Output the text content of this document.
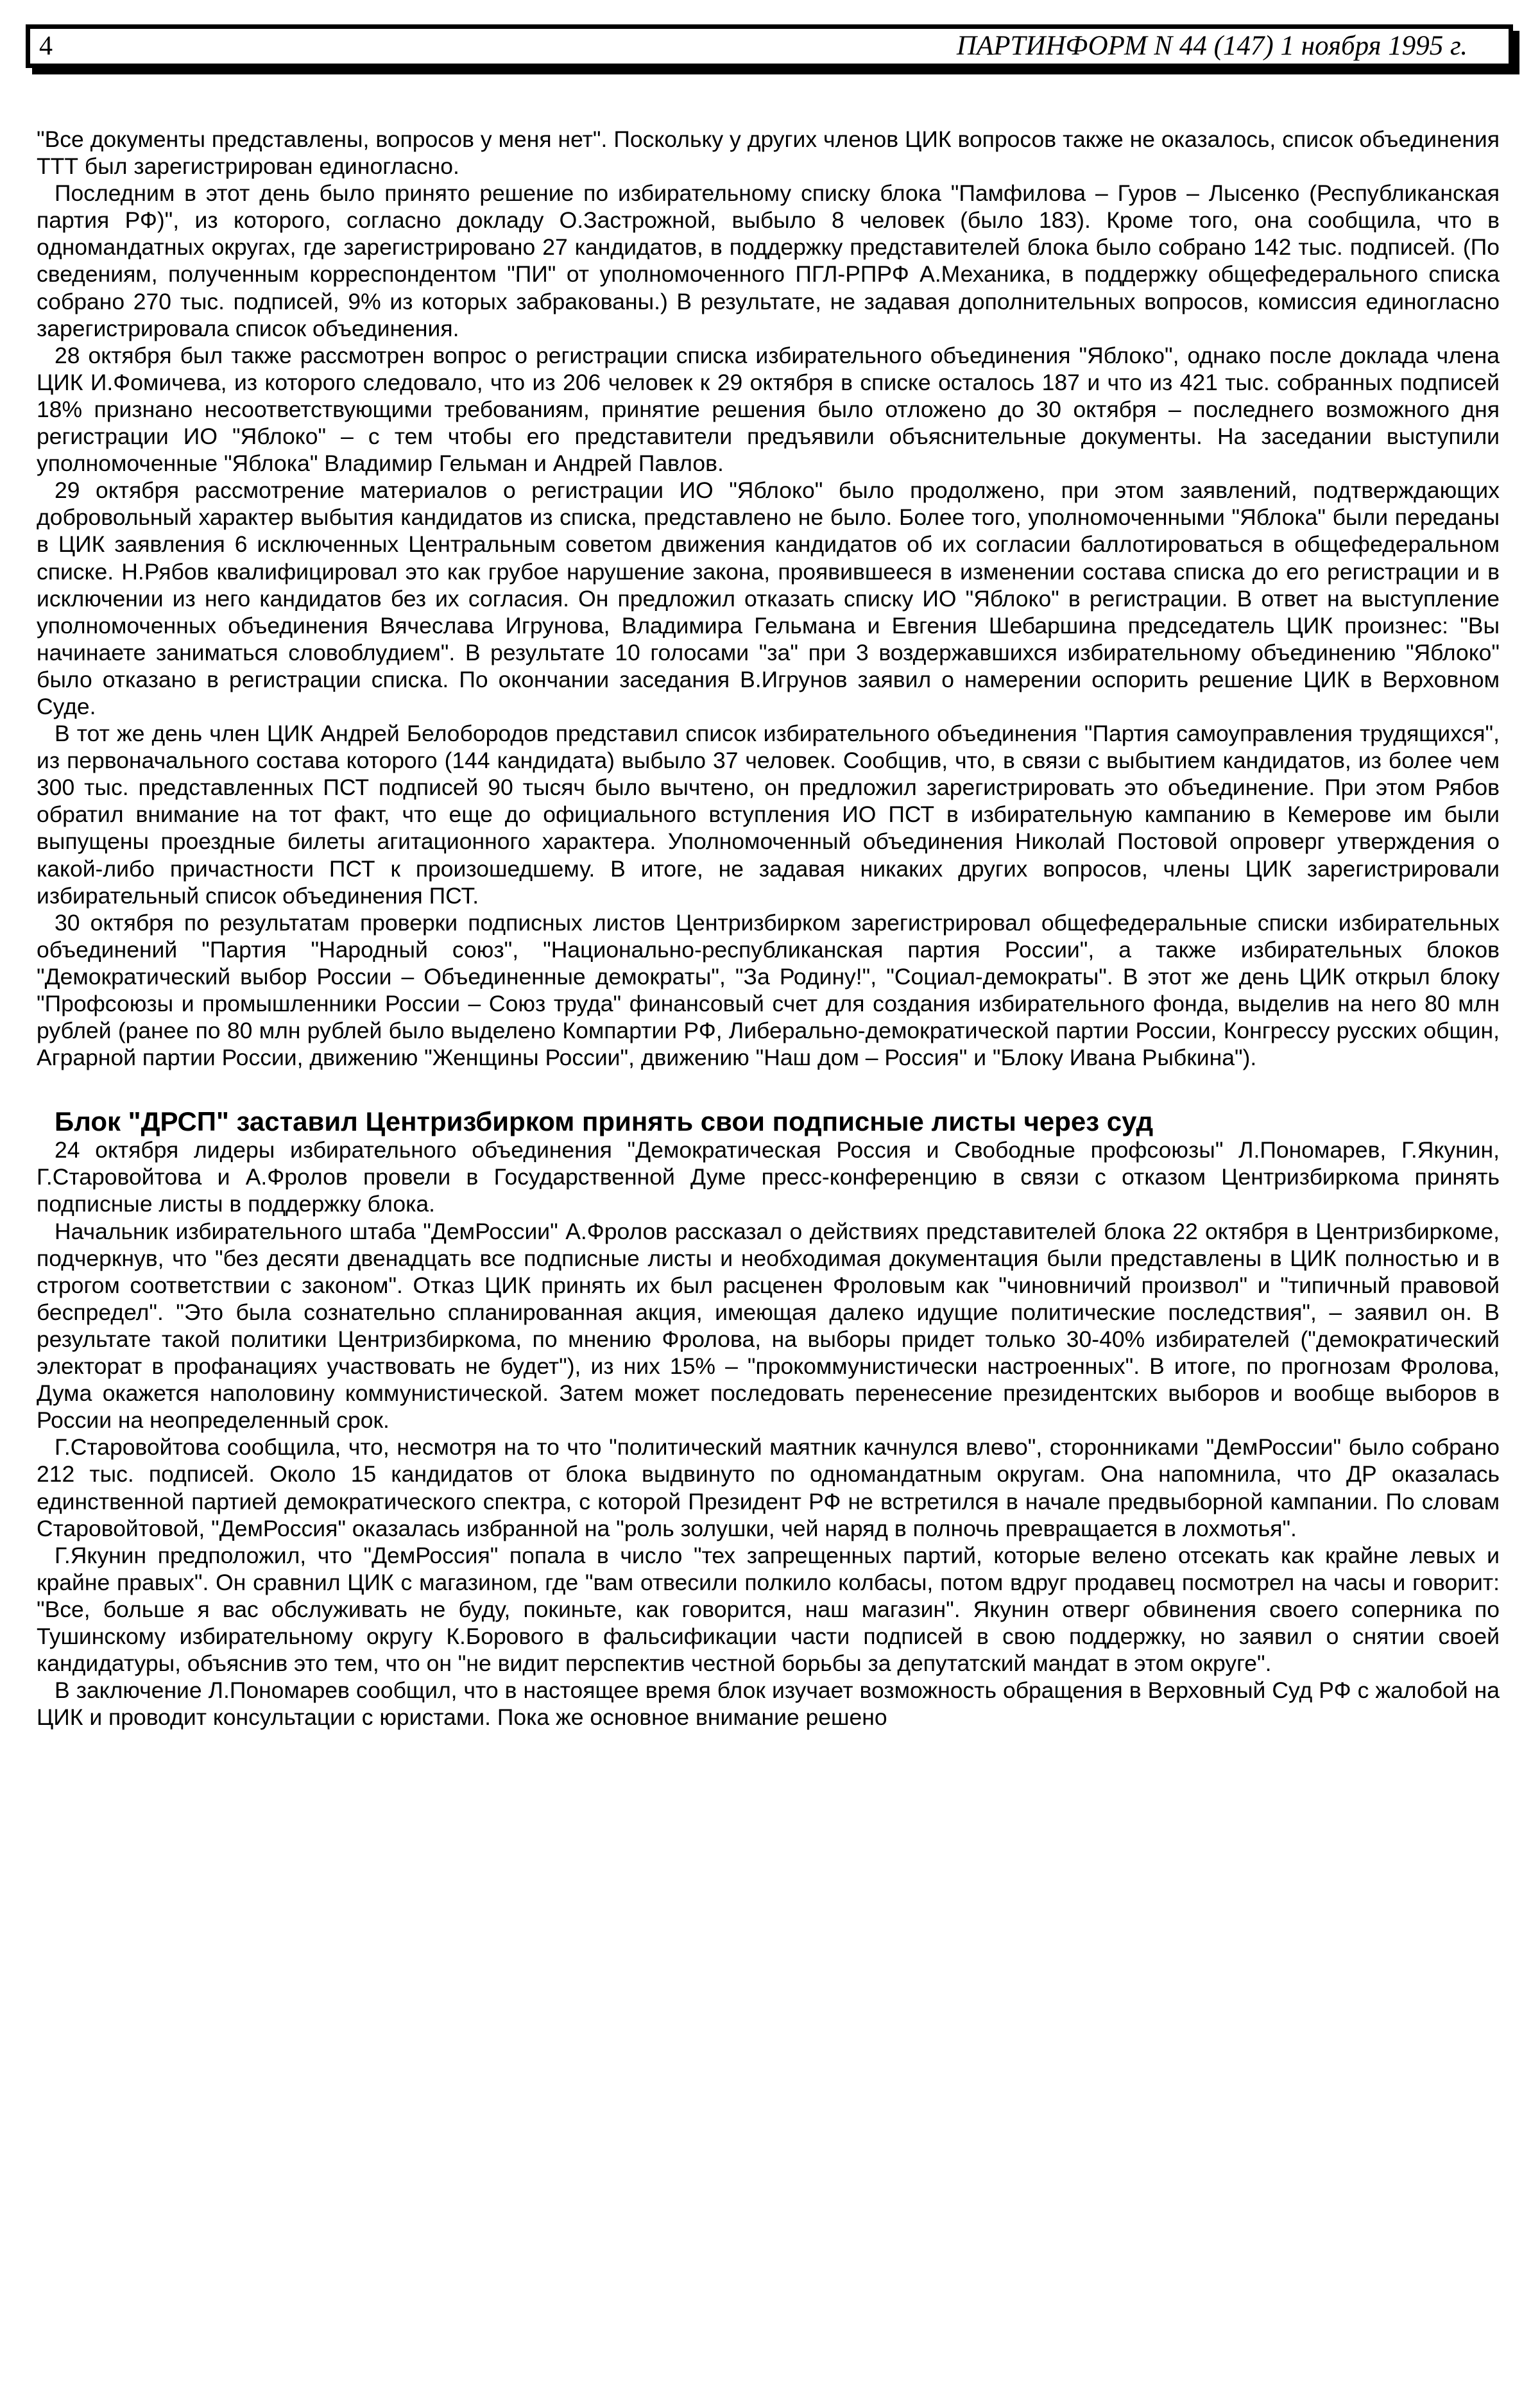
4	ПАРТИНФОРМ N 44 (147) 1 ноября 1995 г.

"Все документы представлены, вопросов у меня нет". Поскольку у других членов ЦИК вопросов также не оказалось, список объединения ТТТ был зарегистрирован единогласно.

Последним в этот день было принято решение по избирательному списку блока "Памфилова – Гуров – Лысенко (Республиканская партия РФ)", из которого, согласно докладу О.Застрожной, выбыло 8 человек (было 183). Кроме того, она сообщила, что в одномандатных округах, где зарегистрировано 27 кандидатов, в поддержку представителей блока было собрано 142 тыс. подписей. (По сведениям, полученным корреспондентом "ПИ" от уполномоченного ПГЛ-РПРФ А.Механика, в поддержку общефедерального списка собрано 270 тыс. подписей, 9% из которых забракованы.) В результате, не задавая дополнительных вопросов, комиссия единогласно зарегистрировала список объединения.

28 октября был также рассмотрен вопрос о регистрации списка избирательного объединения "Яблоко", однако после доклада члена ЦИК И.Фомичева, из которого следовало, что из 206 человек к 29 октября в списке осталось 187 и что из 421 тыс. собранных подписей 18% признано несоответствующими требованиям, принятие решения было отложено до 30 октября – последнего возможного дня регистрации ИО "Яблоко" – с тем чтобы его представители предъявили объяснительные документы. На заседании выступили уполномоченные "Яблока" Владимир Гельман и Андрей Павлов.

29 октября рассмотрение материалов о регистрации ИО "Яблоко" было продолжено, при этом заявлений, подтверждающих добровольный характер выбытия кандидатов из списка, представлено не было. Более того, уполномоченными "Яблока" были переданы в ЦИК заявления 6 исключенных Центральным советом движения кандидатов об их согласии баллотироваться в общефедеральном списке. Н.Рябов квалифицировал это как грубое нарушение закона, проявившееся в изменении состава списка до его регистрации и в исключении из него кандидатов без их согласия. Он предложил отказать списку ИО "Яблоко" в регистрации. В ответ на выступление уполномоченных объединения Вячеслава Игрунова, Владимира Гельмана и Евгения Шебаршина председатель ЦИК произнес: "Вы начинаете заниматься словоблудием". В результате 10 голосами "за" при 3 воздержавшихся избирательному объединению "Яблоко" было отказано в регистрации списка. По окончании заседания В.Игрунов заявил о намерении оспорить решение ЦИК в Верховном Суде.

В тот же день член ЦИК Андрей Белобородов представил список избирательного объединения "Партия самоуправления трудящихся", из первоначального состава которого (144 кандидата) выбыло 37 человек. Сообщив, что, в связи с выбытием кандидатов, из более чем 300 тыс. представленных ПСТ подписей 90 тысяч было вычтено, он предложил зарегистрировать это объединение. При этом Рябов обратил внимание на тот факт, что еще до официального вступления ИО ПСТ в избирательную кампанию в Кемерове им были выпущены проездные билеты агитационного характера. Уполномоченный объединения Николай Постовой опроверг утверждения о какой-либо причастности ПСТ к произошедшему. В итоге, не задавая никаких других вопросов, члены ЦИК зарегистрировали избирательный список объединения ПСТ.

30 октября по результатам проверки подписных листов Центризбирком зарегистрировал общефедеральные списки избирательных объединений "Партия "Народный союз", "Национально-республиканская партия России", а также избирательных блоков "Демократический выбор России – Объединенные демократы", "За Родину!", "Социал-демократы". В этот же день ЦИК открыл блоку "Профсоюзы и промышленники России – Союз труда" финансовый счет для создания избирательного фонда, выделив на него 80 млн рублей (ранее по 80 млн рублей было выделено Компартии РФ, Либерально-демократической партии России, Конгрессу русских общин, Аграрной партии России, движению "Женщины России", движению "Наш дом – Россия" и "Блоку Ивана Рыбкина").

Блок "ДРСП" заставил Центризбирком принять свои подписные листы через суд

24 октября лидеры избирательного объединения "Демократическая Россия и Свободные профсоюзы" Л.Пономарев, Г.Якунин, Г.Старовойтова и А.Фролов провели в Государственной Думе пресс-конференцию в связи с отказом Центризбиркома принять подписные листы в поддержку блока.

Начальник избирательного штаба "ДемРоссии" А.Фролов рассказал о действиях представителей блока 22 октября в Центризбиркоме, подчеркнув, что "без десяти двенадцать все подписные листы и необходимая документация были представлены в ЦИК полностью и в строгом соответствии с законом". Отказ ЦИК принять их был расценен Фроловым как "чиновничий произвол" и "типичный правовой беспредел". "Это была сознательно спланированная акция, имеющая далеко идущие политические последствия", – заявил он. В результате такой политики Центризбиркома, по мнению Фролова, на выборы придет только 30-40% избирателей ("демократический электорат в профанациях участвовать не будет"), из них 15% – "прокоммунистически настроенных". В итоге, по прогнозам Фролова, Дума окажется наполовину коммунистической. Затем может последовать перенесение президентских выборов и вообще выборов в России на неопределенный срок.

Г.Старовойтова сообщила, что, несмотря на то что "политический маятник качнулся влево", сторонниками "ДемРоссии" было собрано 212 тыс. подписей. Около 15 кандидатов от блока выдвинуто по одномандатным округам. Она напомнила, что ДР оказалась единственной партией демократического спектра, с которой Президент РФ не встретился в начале предвыборной кампании. По словам Старовойтовой, "ДемРоссия" оказалась избранной на "роль золушки, чей наряд в полночь превращается в лохмотья".

Г.Якунин предположил, что "ДемРоссия" попала в число "тех запрещенных партий, которые велено отсекать как крайне левых и крайне правых". Он сравнил ЦИК с магазином, где "вам отвесили полкило колбасы, потом вдруг продавец посмотрел на часы и говорит: "Все, больше я вас обслуживать не буду, покиньте, как говорится, наш магазин". Якунин отверг обвинения своего соперника по Тушинскому избирательному округу К.Борового в фальсификации части подписей в свою поддержку, но заявил о снятии своей кандидатуры, объяснив это тем, что он "не видит перспектив честной борьбы за депутатский мандат в этом округе".

В заключение Л.Пономарев сообщил, что в настоящее время блок изучает возможность обращения в Верховный Суд РФ с жалобой на ЦИК и проводит консультации с юристами. Пока же основное внимание решено
